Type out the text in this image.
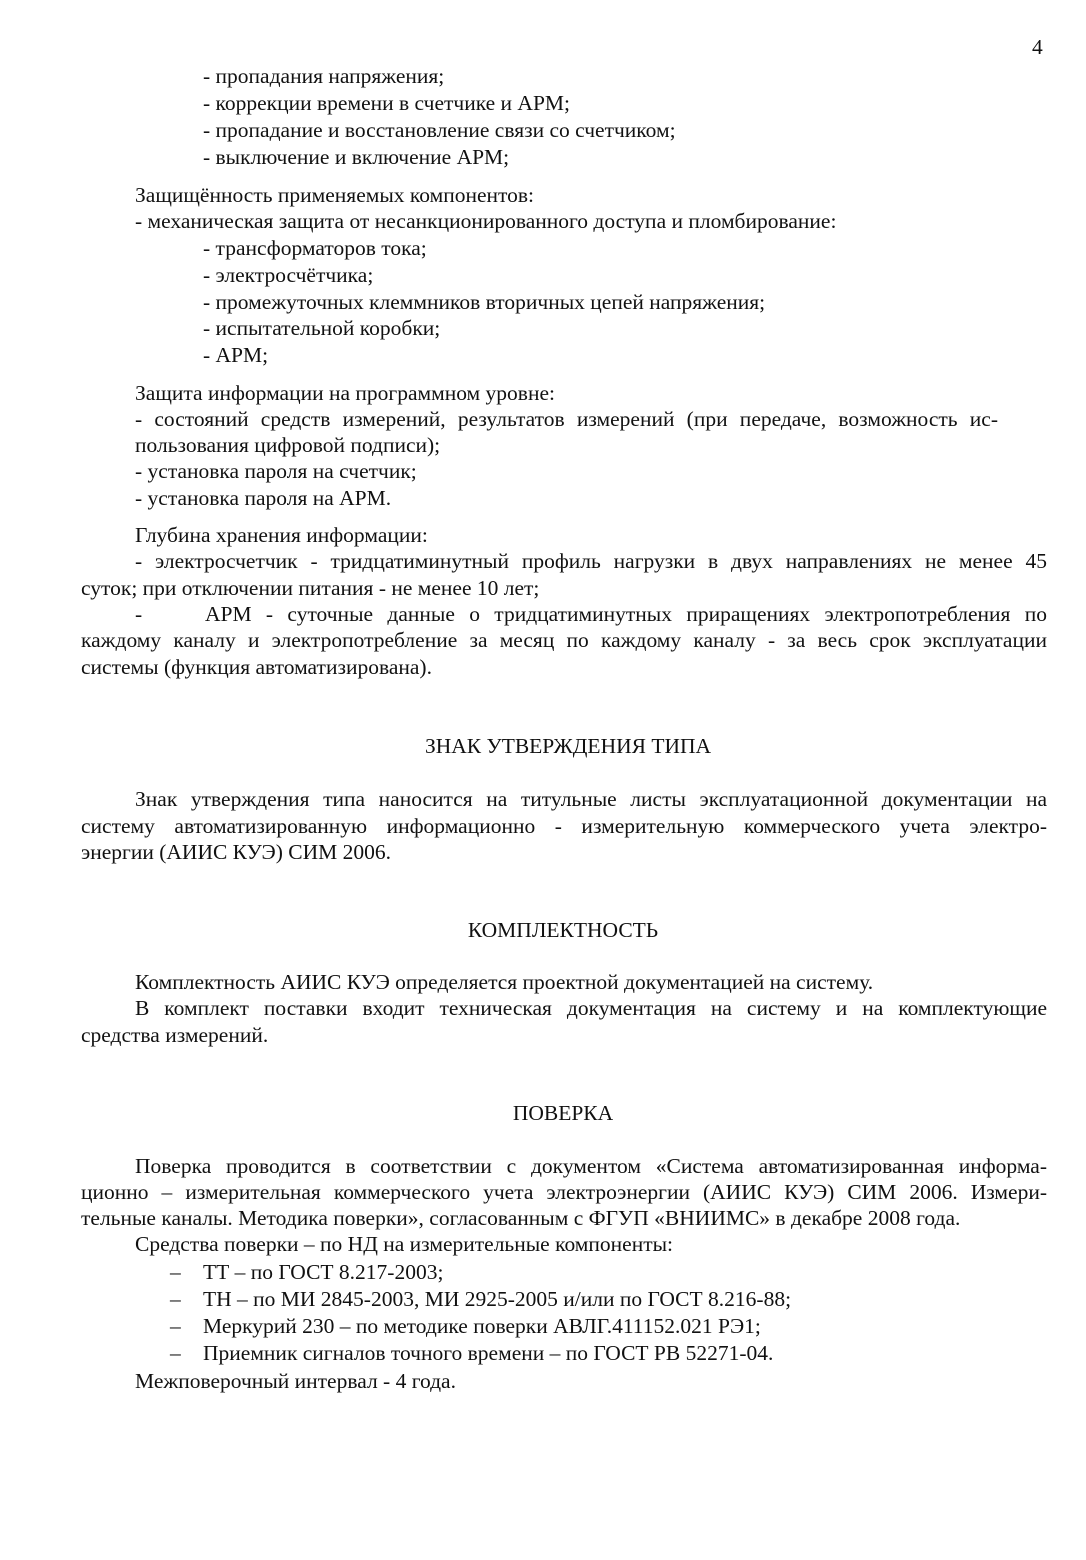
4
- пропадания напряжения;
- коррекции времени в счетчике и АРМ;
- пропадание и восстановление связи со счетчиком;
- выключение и включение АРМ;
Защищённость применяемых компонентов:
- механическая защита от несанкционированного доступа и пломбирование:
- трансформаторов тока;
- электросчётчика;
- промежуточных клеммников вторичных цепей напряжения;
- испытательной коробки;
- АРМ;
Защита информации на программном уровне:
- состояний средств измерений, результатов измерений (при передаче, возможность ис-
пользования цифровой подписи);
- установка пароля на счетчик;
- установка пароля на АРМ.
Глубина хранения информации:
- электросчетчик - тридцатиминутный профиль нагрузки в двух направлениях не менее 45
суток; при отключении питания - не менее 10 лет;
-	АРМ - суточные данные о тридцатиминутных приращениях электропотребления по
каждому каналу и электропотребление за месяц по каждому каналу - за весь срок эксплуатации
системы (функция автоматизирована).
ЗНАК УТВЕРЖДЕНИЯ ТИПА
Знак утверждения типа наносится на титульные листы эксплуатационной документации на
систему автоматизированную информационно - измерительную коммерческого учета электро-
энергии (АИИС КУЭ) СИМ 2006.
КОМПЛЕКТНОСТЬ
Комплектность АИИС КУЭ определяется проектной документацией на систему.
В комплект поставки входит техническая документация на систему и на комплектующие
средства измерений.
ПОВЕРКА
Поверка проводится в соответствии с документом «Система автоматизированная информа-
ционно – измерительная коммерческого учета электроэнергии (АИИС КУЭ) СИМ 2006. Измери-
тельные каналы. Методика поверки», согласованным с ФГУП «ВНИИМС» в декабре 2008 года.
Средства поверки – по НД на измерительные компоненты:
– ТТ – по ГОСТ 8.217-2003;
– ТН – по МИ 2845-2003, МИ 2925-2005 и/или по ГОСТ 8.216-88;
– Меркурий 230 – по методике поверки АВЛГ.411152.021 РЭ1;
– Приемник сигналов точного времени – по ГОСТ РВ 52271-04.
Межповерочный интервал - 4 года.
